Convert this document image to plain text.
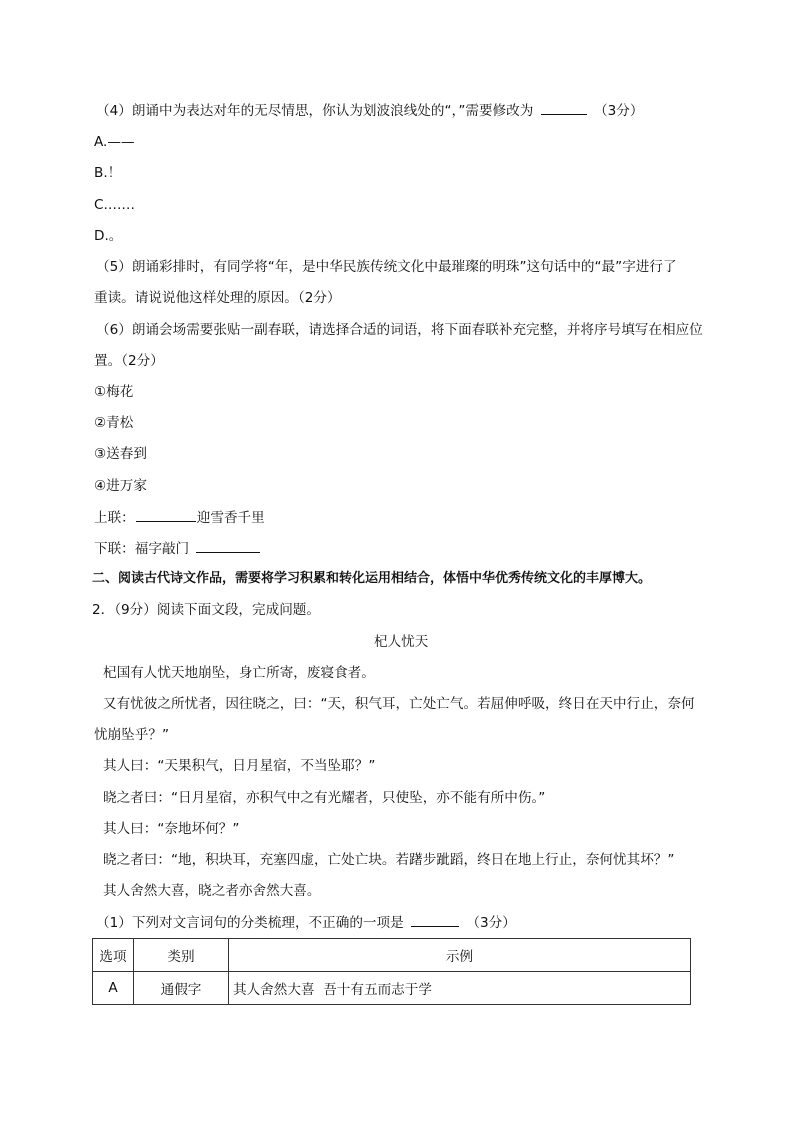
（4）朗诵中为表达对年的无尽情思，你认为划波浪线处的“，”需要修改为	（3分）
A.——
B.！
C.……
D.。
（5）朗诵彩排时，有同学将“年，是中华民族传统文化中最璀璨的明珠”这句话中的“最”字进行了
重读。请说说他这样处理的原因。（2分）
（6）朗诵会场需要张贴一副春联，请选择合适的词语，将下面春联补充完整，并将序号填写在相应位
置。（2分）
①梅花
②青松
③送春到
④进万家
上联：	迎雪香千里
下联：福字敲门
二、阅读古代诗文作品，需要将学习积累和转化运用相结合，体悟中华优秀传统文化的丰厚博大。
2．（9分）阅读下面文段，完成问题。
杞人忧天
杞国有人忧天地崩坠，身亡所寄，废寝食者。
又有忧彼之所忧者，因往晓之，曰：“天，积气耳，亡处亡气。若屈伸呼吸，终日在天中行止，奈何
忧崩坠乎？”
其人曰：“天果积气，日月星宿，不当坠耶？”
晓之者曰：“日月星宿，亦积气中之有光耀者，只使坠，亦不能有所中伤。”
其人曰：“奈地坏何？”
晓之者曰：“地，积块耳，充塞四虚，亡处亡块。若躇步跐蹈，终日在地上行止，奈何忧其坏？”
其人舍然大喜，晓之者亦舍然大喜。
（1）下列对文言词句的分类梳理，不正确的一项是	（3分）
选项	类别	示例
A	通假字	其人舍然大喜  吾十有五而志于学
